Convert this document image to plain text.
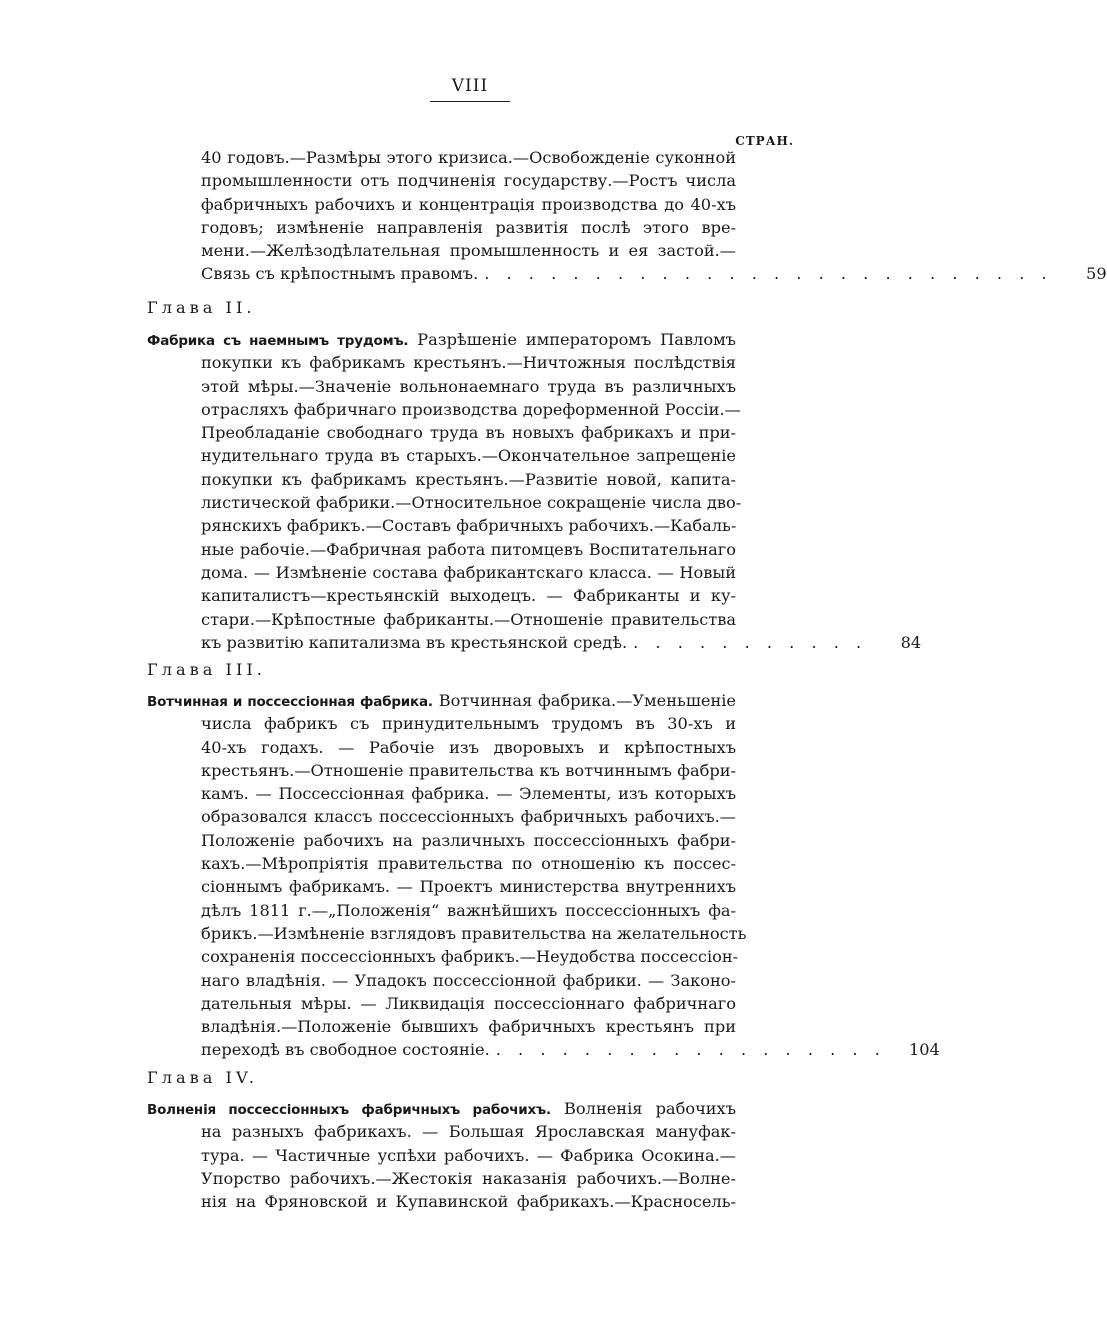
VIII
СТРАН.
40 годовъ.—Размѣры этого кризиса.—Освобожденіе суконной
промышленности отъ подчиненія государству.—Ростъ числа
фабричныхъ рабочихъ и концентрація производства до 40-хъ
годовъ; измѣненіе направленія развитія послѣ этого вре-
мени.—Желѣзодѣлательная промышленность и ея застой.—
Связь съ крѣпостнымъ правомъ. . . . . . . . . . . . . . . . . . . . . . . . . . .	59
Глава II.
Фабрика съ наемнымъ трудомъ. Разрѣшеніе императоромъ Павломъ
покупки къ фабрикамъ крестьянъ.—Ничтожныя послѣдствія
этой мѣры.—Значеніе вольнонаемнаго труда въ различныхъ
отрасляхъ фабричнаго производства дореформенной Россіи.—
Преобладаніе свободнаго труда въ новыхъ фабрикахъ и при-
нудительнаго труда въ старыхъ.—Окончательное запрещеніе
покупки къ фабрикамъ крестьянъ.—Развитіе новой, капита-
листической фабрики.—Относительное сокращеніе числа дво-
рянскихъ фабрикъ.—Составъ фабричныхъ рабочихъ.—Кабаль-
ные рабочіе.—Фабричная работа питомцевъ Воспитательнаго
дома. — Измѣненіе состава фабрикантскаго класса. — Новый
капиталистъ—крестьянскій выходецъ. — Фабриканты и ку-
стари.—Крѣпостные фабриканты.—Отношеніе правительства
къ развитію капитализма въ крестьянской средѣ. . . . . . . . . . . .	84
Глава III.
Вотчинная и поссессіонная фабрика. Вотчинная фабрика.—Уменьшеніе
числа фабрикъ съ принудительнымъ трудомъ въ 30-хъ и
40-хъ годахъ. — Рабочіе изъ дворовыхъ и крѣпостныхъ
крестьянъ.—Отношеніе правительства къ вотчиннымъ фабри-
камъ. — Поссессіонная фабрика. — Элементы, изъ которыхъ
образовался классъ поссессіонныхъ фабричныхъ рабочихъ.—
Положеніе рабочихъ на различныхъ поссессіонныхъ фабри-
кахъ.—Мѣропріятія правительства по отношенію къ поссес-
сіоннымъ фабрикамъ. — Проектъ министерства внутреннихъ
дѣлъ 1811 г.—„Положенія“ важнѣйшихъ поссессіонныхъ фа-
брикъ.—Измѣненіе взглядовъ правительства на желательность
сохраненія поссессіонныхъ фабрикъ.—Неудобства поссессіон-
наго владѣнія. — Упадокъ поссессіонной фабрики. — Законо-
дательныя мѣры. — Ликвидація поссессіоннаго фабричнаго
владѣнія.—Положеніе бывшихъ фабричныхъ крестьянъ при
переходѣ въ свободное состояніе. . . . . . . . . . . . . . . . . . .	104
Глава IV.
Волненія поссессіонныхъ фабричныхъ рабочихъ. Волненія рабочихъ
на разныхъ фабрикахъ. — Большая Ярославская мануфак-
тура. — Частичные успѣхи рабочихъ. — Фабрика Осокина.—
Упорство рабочихъ.—Жестокія наказанія рабочихъ.—Волне-
нія на Фряновской и Купавинской фабрикахъ.—Красносель-
